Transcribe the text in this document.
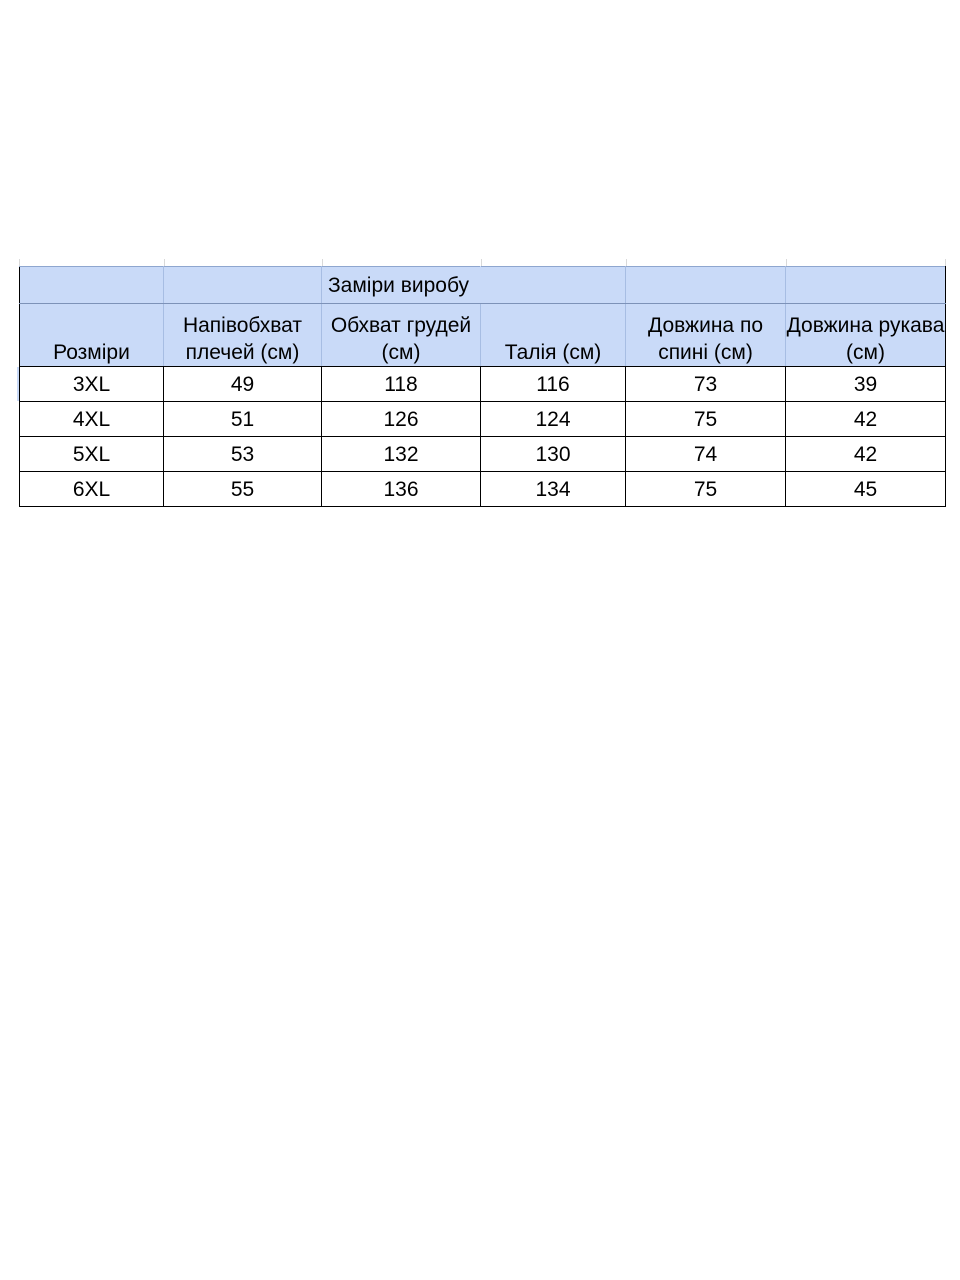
		Заміри виробу			
Розміри	Напівобхват плечей (см)	Обхват грудей (см)	Талія (см)	Довжина по спині (см)	Довжина рукава (см)
3XL	49	118	116	73	39
4XL	51	126	124	75	42
5XL	53	132	130	74	42
6XL	55	136	134	75	45
